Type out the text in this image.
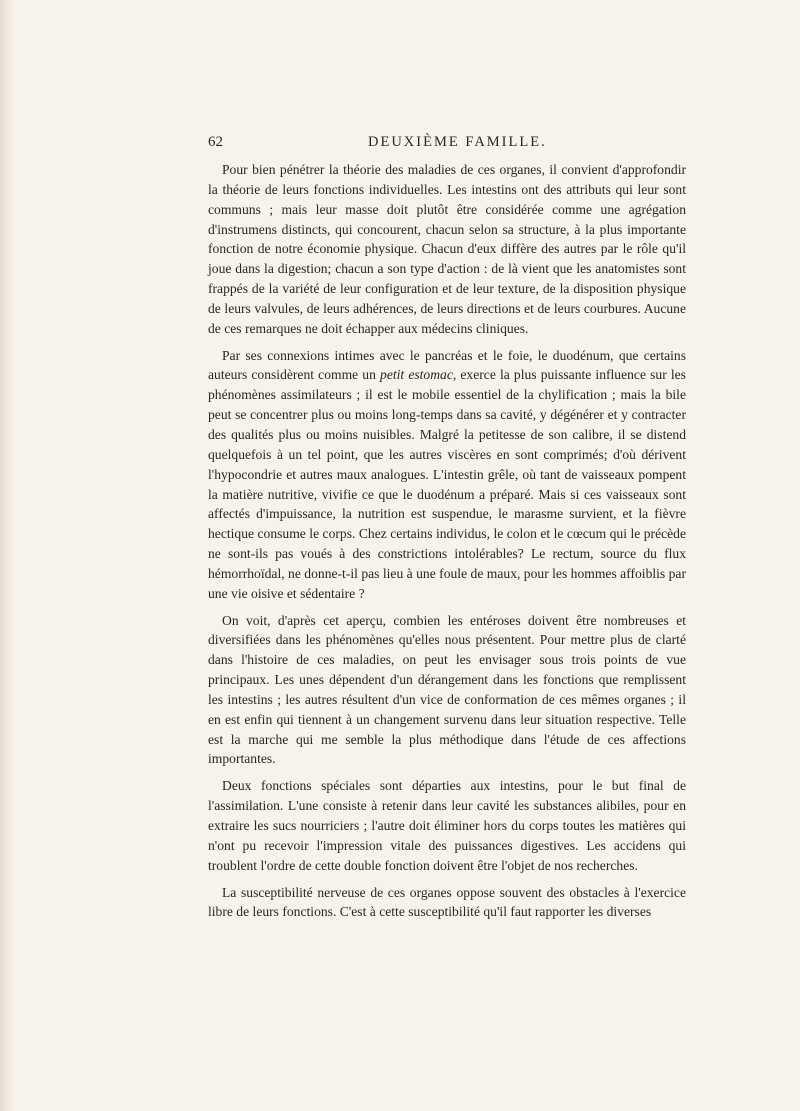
62	DEUXIÈME FAMILLE.

Pour bien pénétrer la théorie des maladies de ces organes, il convient d'approfondir la théorie de leurs fonctions individuelles. Les intestins ont des attributs qui leur sont communs ; mais leur masse doit plutôt être considérée comme une agrégation d'instrumens distincts, qui concourent, chacun selon sa structure, à la plus importante fonction de notre économie physique. Chacun d'eux diffère des autres par le rôle qu'il joue dans la digestion; chacun a son type d'action : de là vient que les anatomistes sont frappés de la variété de leur configuration et de leur texture, de la disposition physique de leurs valvules, de leurs adhérences, de leurs directions et de leurs courbures. Aucune de ces remarques ne doit échapper aux médecins cliniques.

Par ses connexions intimes avec le pancréas et le foie, le duodénum, que certains auteurs considèrent comme un petit estomac, exerce la plus puissante influence sur les phénomènes assimilateurs ; il est le mobile essentiel de la chylification ; mais la bile peut se concentrer plus ou moins long-temps dans sa cavité, y dégénérer et y contracter des qualités plus ou moins nuisibles. Malgré la petitesse de son calibre, il se distend quelquefois à un tel point, que les autres viscères en sont comprimés; d'où dérivent l'hypocondrie et autres maux analogues. L'intestin grêle, où tant de vaisseaux pompent la matière nutritive, vivifie ce que le duodénum a préparé. Mais si ces vaisseaux sont affectés d'impuissance, la nutrition est suspendue, le marasme survient, et la fièvre hectique consume le corps. Chez certains individus, le colon et le cœcum qui le précède ne sont-ils pas voués à des constrictions intolérables? Le rectum, source du flux hémorrhoïdal, ne donne-t-il pas lieu à une foule de maux, pour les hommes affoiblis par une vie oisive et sédentaire ?

On voit, d'après cet aperçu, combien les entéroses doivent être nombreuses et diversifiées dans les phénomènes qu'elles nous présentent. Pour mettre plus de clarté dans l'histoire de ces maladies, on peut les envisager sous trois points de vue principaux. Les unes dépendent d'un dérangement dans les fonctions que remplissent les intestins ; les autres résultent d'un vice de conformation de ces mêmes organes ; il en est enfin qui tiennent à un changement survenu dans leur situation respective. Telle est la marche qui me semble la plus méthodique dans l'étude de ces affections importantes.

Deux fonctions spéciales sont départies aux intestins, pour le but final de l'assimilation. L'une consiste à retenir dans leur cavité les substances alibiles, pour en extraire les sucs nourriciers ; l'autre doit éliminer hors du corps toutes les matières qui n'ont pu recevoir l'impression vitale des puissances digestives. Les accidens qui troublent l'ordre de cette double fonction doivent être l'objet de nos recherches.

La susceptibilité nerveuse de ces organes oppose souvent des obstacles à l'exercice libre de leurs fonctions. C'est à cette susceptibilité qu'il faut rapporter les diverses
